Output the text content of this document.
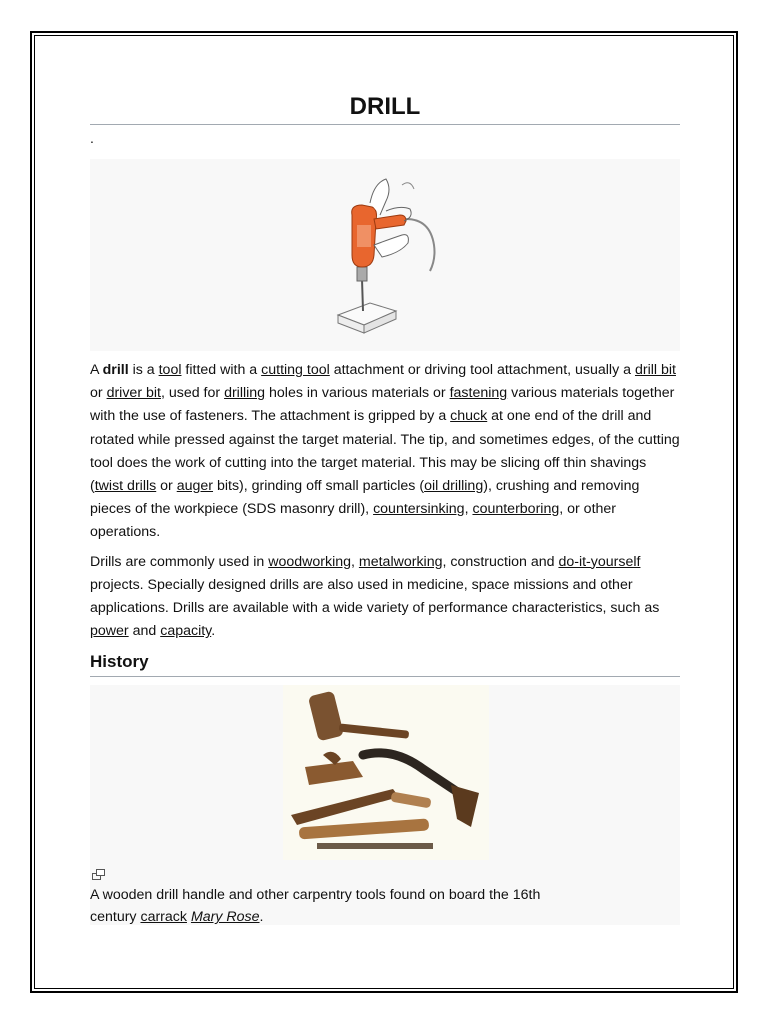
DRILL
.

A drill is a tool fitted with a cutting tool attachment or driving tool attachment, usually a drill bit or driver bit, used for drilling holes in various materials or fastening various materials together with the use of fasteners. The attachment is gripped by a chuck at one end of the drill and rotated while pressed against the target material. The tip, and sometimes edges, of the cutting tool does the work of cutting into the target material. This may be slicing off thin shavings (twist drills or auger bits), grinding off small particles (oil drilling), crushing and removing pieces of the workpiece (SDS masonry drill), countersinking, counterboring, or other operations.

Drills are commonly used in woodworking, metalworking, construction and do-it-yourself projects. Specially designed drills are also used in medicine, space missions and other applications. Drills are available with a wide variety of performance characteristics, such as power and capacity.

History
A wooden drill handle and other carpentry tools found on board the 16th century carrack Mary Rose.
